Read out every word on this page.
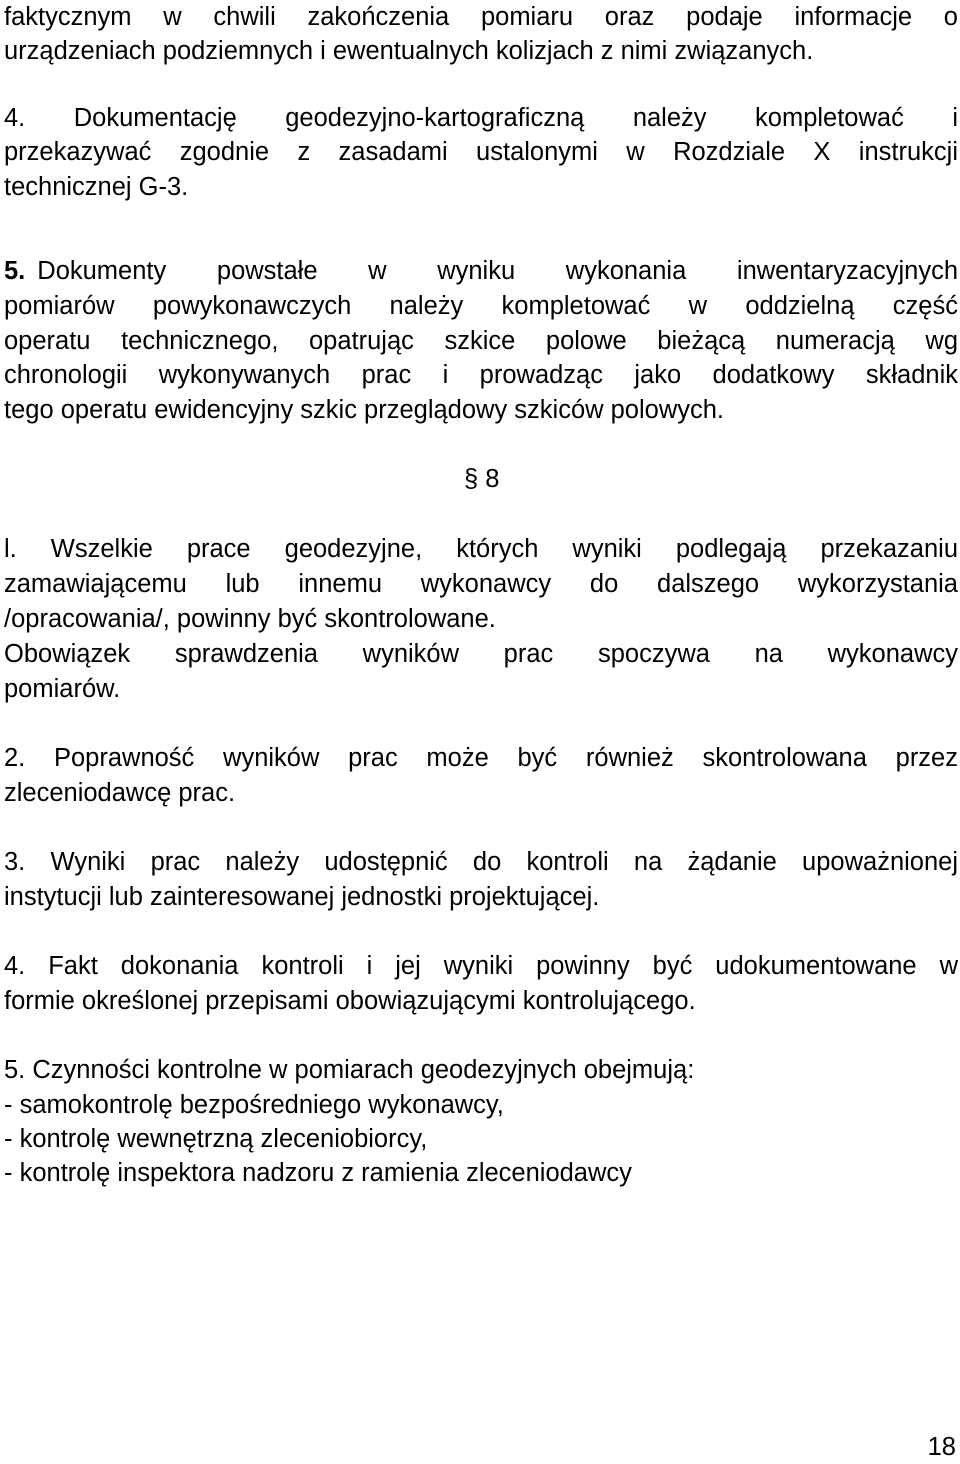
faktycznym w chwili zakończenia pomiaru oraz podaje informacje o
urządzeniach podziemnych i ewentualnych kolizjach z nimi związanych.
4. Dokumentację geodezyjno-kartograficzną należy kompletować i
przekazywać zgodnie z zasadami ustalonymi w Rozdziale X instrukcji
technicznej G-3.
5. Dokumenty powstałe w wyniku wykonania inwentaryzacyjnych
pomiarów powykonawczych należy kompletować w oddzielną część
operatu technicznego, opatrując szkice polowe bieżącą numeracją wg
chronologii wykonywanych prac i prowadząc jako dodatkowy składnik
tego operatu ewidencyjny szkic przeglądowy szkiców polowych.
§ 8
l. Wszelkie prace geodezyjne, których wyniki podlegają przekazaniu
zamawiającemu lub innemu wykonawcy do dalszego wykorzystania
/opracowania/, powinny być skontrolowane.
Obowiązek sprawdzenia wyników prac spoczywa na wykonawcy
pomiarów.
2. Poprawność wyników prac może być również skontrolowana przez
zleceniodawcę prac.
3. Wyniki prac należy udostępnić do kontroli na żądanie upoważnionej
instytucji lub zainteresowanej jednostki projektującej.
4. Fakt dokonania kontroli i jej wyniki powinny być udokumentowane w
formie określonej przepisami obowiązującymi kontrolującego.
5. Czynności kontrolne w pomiarach geodezyjnych obejmują:
- samokontrolę bezpośredniego wykonawcy,
- kontrolę wewnętrzną zleceniobiorcy,
- kontrolę inspektora nadzoru z ramienia zleceniodawcy
18
